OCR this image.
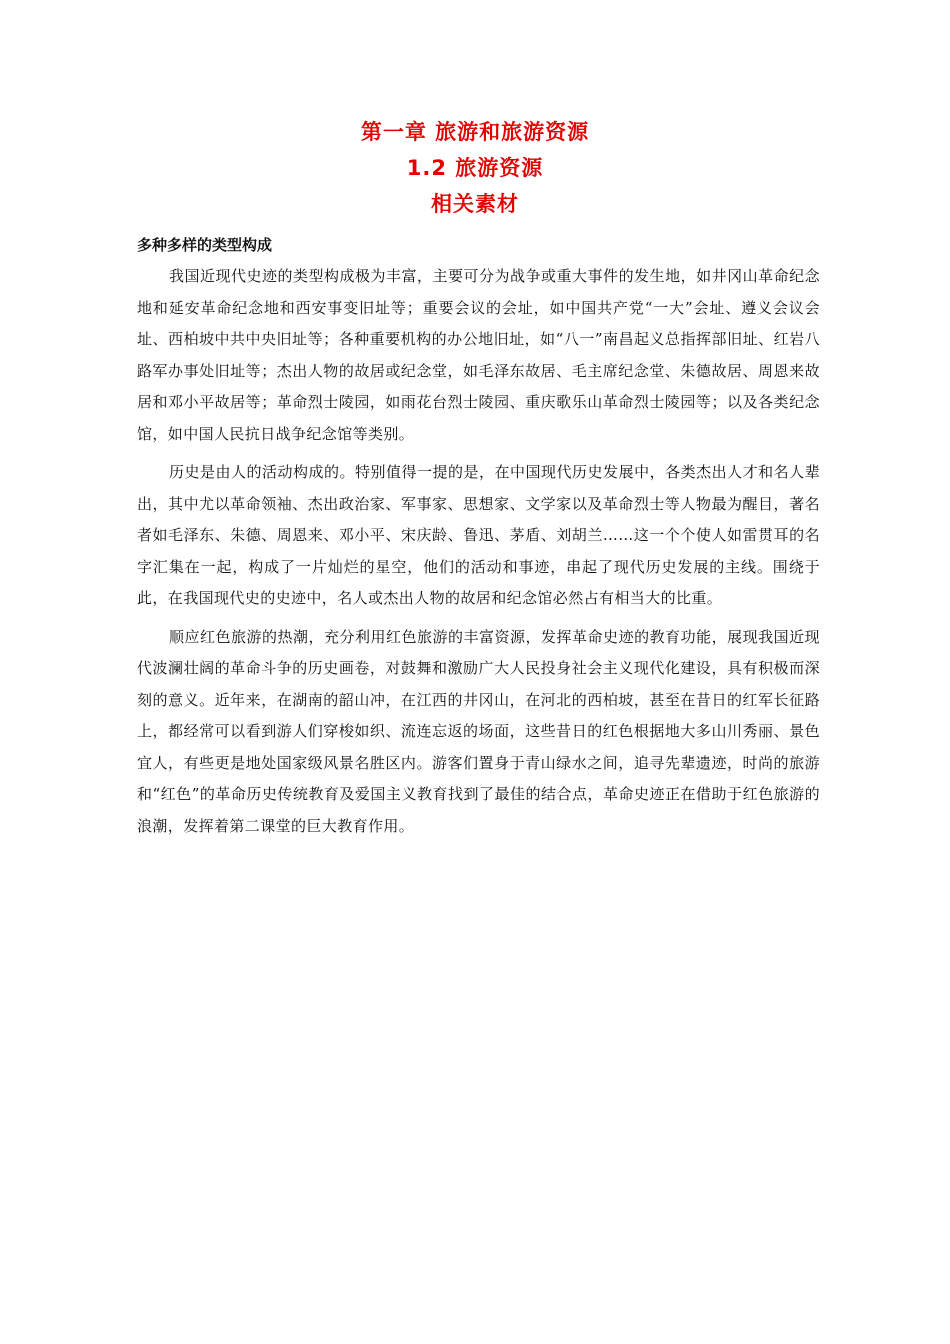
第一章 旅游和旅游资源
1.2 旅游资源
相关素材
多种多样的类型构成

我国近现代史迹的类型构成极为丰富，主要可分为战争或重大事件的发生地，如井冈山革命纪念地和延安革命纪念地和西安事变旧址等；重要会议的会址，如中国共产党“一大”会址、遵义会议会址、西柏坡中共中央旧址等；各种重要机构的办公地旧址，如“八一”南昌起义总指挥部旧址、红岩八路军办事处旧址等；杰出人物的故居或纪念堂，如毛泽东故居、毛主席纪念堂、朱德故居、周恩来故居和邓小平故居等；革命烈士陵园，如雨花台烈士陵园、重庆歌乐山革命烈士陵园等；以及各类纪念馆，如中国人民抗日战争纪念馆等类别。

历史是由人的活动构成的。特别值得一提的是，在中国现代历史发展中，各类杰出人才和名人辈出，其中尤以革命领袖、杰出政治家、军事家、思想家、文学家以及革命烈士等人物最为醒目，著名者如毛泽东、朱德、周恩来、邓小平、宋庆龄、鲁迅、茅盾、刘胡兰……这一个个使人如雷贯耳的名字汇集在一起，构成了一片灿烂的星空，他们的活动和事迹，串起了现代历史发展的主线。围绕于此，在我国现代史的史迹中，名人或杰出人物的故居和纪念馆必然占有相当大的比重。

顺应红色旅游的热潮，充分利用红色旅游的丰富资源，发挥革命史迹的教育功能，展现我国近现代波澜壮阔的革命斗争的历史画卷，对鼓舞和激励广大人民投身社会主义现代化建设，具有积极而深刻的意义。近年来，在湖南的韶山冲，在江西的井冈山，在河北的西柏坡，甚至在昔日的红军长征路上，都经常可以看到游人们穿梭如织、流连忘返的场面，这些昔日的红色根据地大多山川秀丽、景色宜人，有些更是地处国家级风景名胜区内。游客们置身于青山绿水之间，追寻先辈遗迹，时尚的旅游和“红色”的革命历史传统教育及爱国主义教育找到了最佳的结合点，革命史迹正在借助于红色旅游的浪潮，发挥着第二课堂的巨大教育作用。
